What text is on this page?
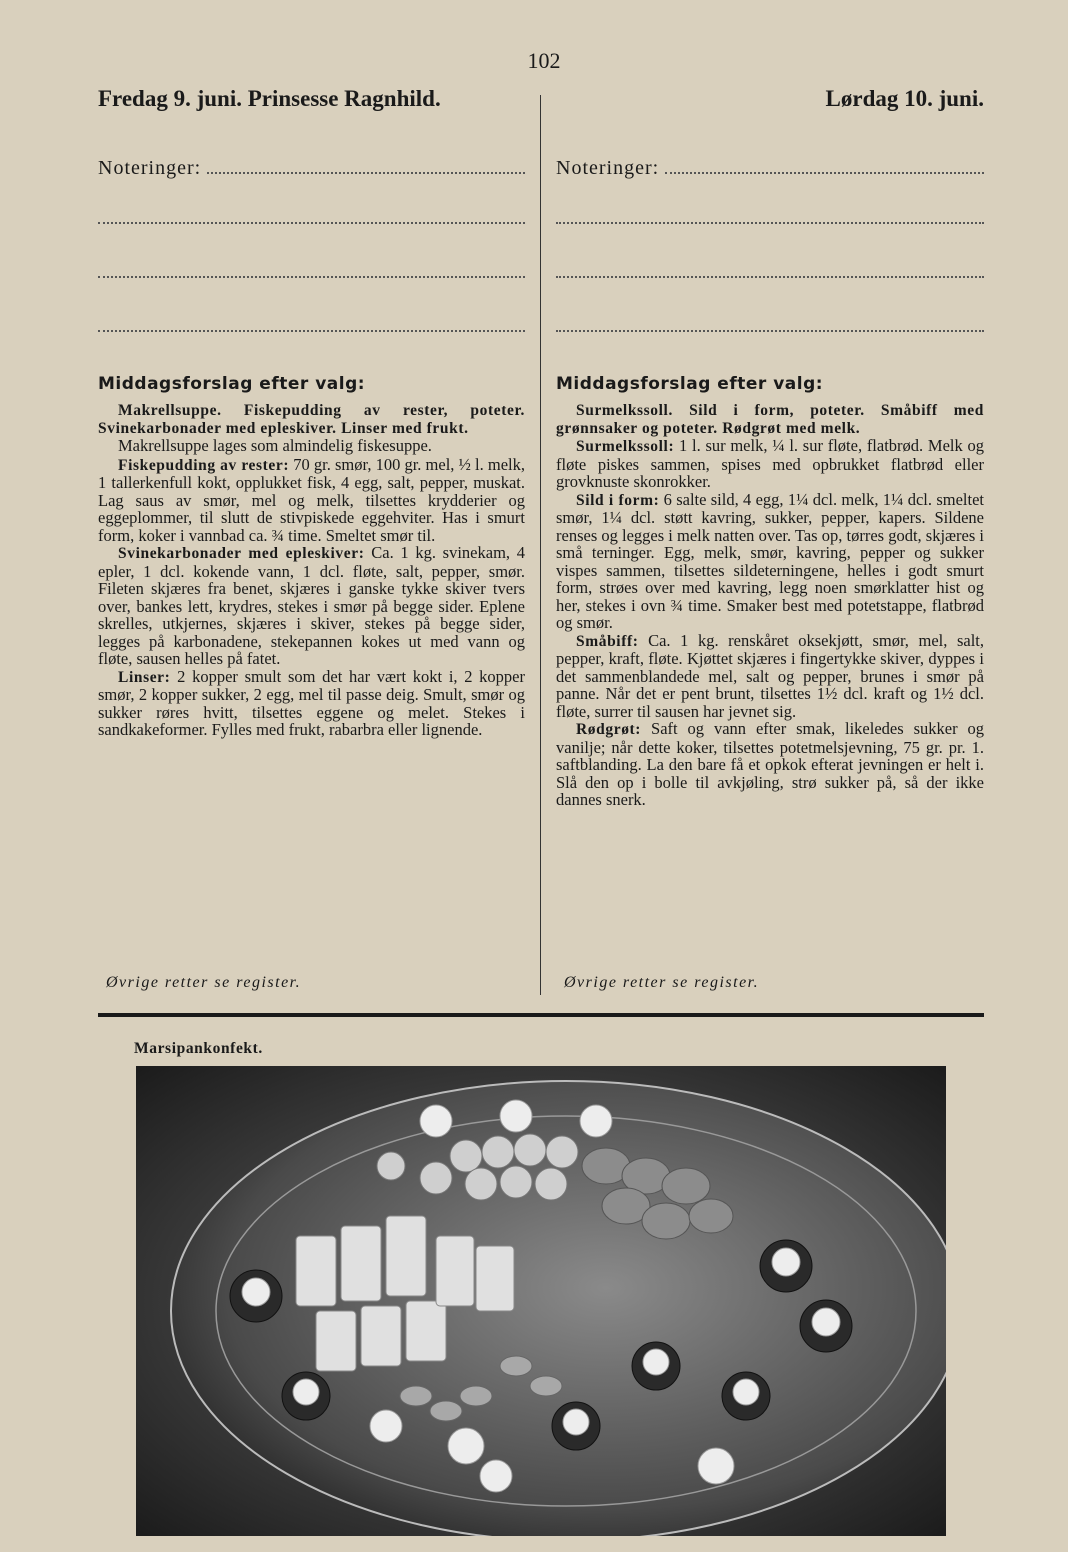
102
Fredag 9. juni. Prinsesse Ragnhild.
Noteringer:
Middagsforslag efter valg:

Makrellsuppe. Fiskepudding av rester, poteter. Svinekarbonader med epleskiver. Linser med frukt.

Makrellsuppe lages som almindelig fiskesuppe.

Fiskepudding av rester: 70 gr. smør, 100 gr. mel, ½ l. melk, 1 tallerkenfull kokt, opplukket fisk, 4 egg, salt, pepper, muskat. Lag saus av smør, mel og melk, tilsettes krydderier og eggeplommer, til slutt de stivpiskede eggehviter. Has i smurt form, koker i vannbad ca. ¾ time. Smeltet smør til.

Svinekarbonader med epleskiver: Ca. 1 kg. svinekam, 4 epler, 1 dcl. kokende vann, 1 dcl. fløte, salt, pepper, smør. Fileten skjæres fra benet, skjæres i ganske tykke skiver tvers over, bankes lett, krydres, stekes i smør på begge sider. Eplene skrelles, utkjernes, skjæres i skiver, stekes på begge sider, legges på karbonadene, stekepannen kokes ut med vann og fløte, sausen helles på fatet.

Linser: 2 kopper smult som det har vært kokt i, 2 kopper smør, 2 kopper sukker, 2 egg, mel til passe deig. Smult, smør og sukker røres hvitt, tilsettes eggene og melet. Stekes i sandkakeformer. Fylles med frukt, rabarbra eller lignende.

Øvrige retter se register.
Lørdag 10. juni.
Noteringer:
Middagsforslag efter valg:

Surmelkssoll. Sild i form, poteter. Småbiff med grønnsaker og poteter. Rødgrøt med melk.

Surmelkssoll: 1 l. sur melk, ¼ l. sur fløte, flatbrød. Melk og fløte piskes sammen, spises med opbrukket flatbrød eller grovknuste skonrokker.

Sild i form: 6 salte sild, 4 egg, 1¼ dcl. melk, 1¼ dcl. smeltet smør, 1¼ dcl. støtt kavring, sukker, pepper, kapers. Sildene renses og legges i melk natten over. Tas op, tørres godt, skjæres i små terninger. Egg, melk, smør, kavring, pepper og sukker vispes sammen, tilsettes sildeterningene, helles i godt smurt form, strøes over med kavring, legg noen smørklatter hist og her, stekes i ovn ¾ time. Smaker best med potetstappe, flatbrød og smør.

Småbiff: Ca. 1 kg. renskåret oksekjøtt, smør, mel, salt, pepper, kraft, fløte. Kjøttet skjæres i fingertykke skiver, dyppes i det sammenblandede mel, salt og pepper, brunes i smør på panne. Når det er pent brunt, tilsettes 1½ dcl. kraft og 1½ dcl. fløte, surrer til sausen har jevnet sig.

Rødgrøt: Saft og vann efter smak, likeledes sukker og vanilje; når dette koker, tilsettes potetmelsjevning, 75 gr. pr. 1. saftblanding. La den bare få et opkok efterat jevningen er helt i. Slå den op i bolle til avkjøling, strø sukker på, så der ikke dannes snerk.

Øvrige retter se register.
Marsipankonfekt.
